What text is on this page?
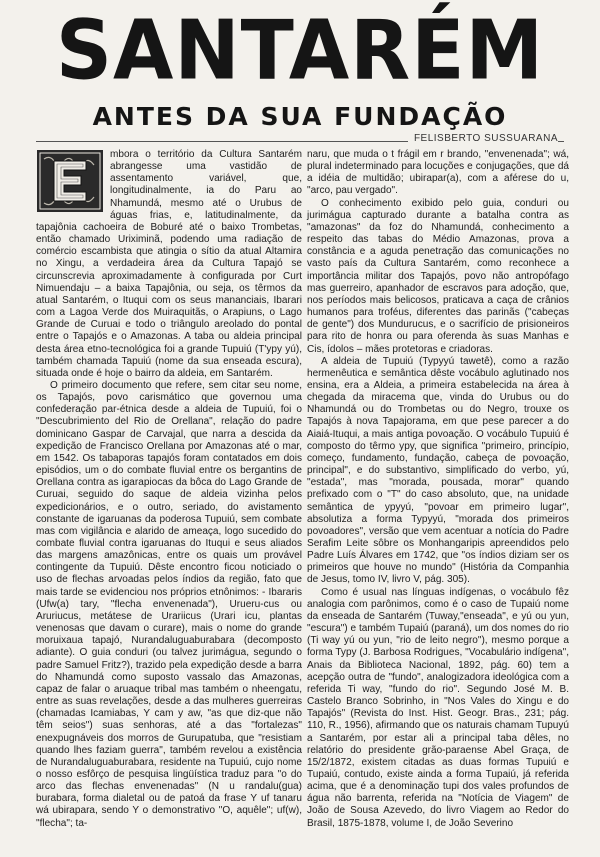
SANTARÉM
ANTES DA SUA FUNDAÇÃO
FELISBERTO SUSSUARANA

mbora o território da Cultura Santarém abrangesse uma vastidão de assentamento variável, que, longitudinalmente, ia do Paru ao Nhamundá, mesmo até o Urubus de águas frias, e, latitudinalmente, da tapajônia cachoeira de Boburé até o baixo Trombetas, então chamado Uriximinã, podendo uma radiação de comércio escambista que atingia o sítio da atual Altamira no Xingu, a verdadeira área da Cultura Tapajó se circunscrevia aproximadamente à configurada por Curt Nimuendaju – a baixa Tapajônia, ou seja, os têrmos da atual Santarém, o Ituqui com os seus mananciais, Ibarari com a Lagoa Verde dos Muiraquitãs, o Arapiuns, o Lago Grande de Curuai e todo o triângulo areolado do pontal entre o Tapajós e o Amazonas. A taba ou aldeia principal desta área etno-tecnológica foi a grande Tupuiú (T'ypy yú), também chamada Tapuiú (nome da sua enseada escura), situada onde é hoje o bairro da aldeia, em Santarém.

O primeiro documento que refere, sem citar seu nome, os Tapajós, povo carismático que governou uma confederação par-étnica desde a aldeia de Tupuiú, foi o "Descubrimiento del Rio de Orellana", relação do padre dominicano Gaspar de Carvajal, que narra a descida da expedição de Francisco Orellana por Amazonas até o mar, em 1542. Os tabaporas tapajós foram contatados em dois episódios, um o do combate fluvial entre os bergantins de Orellana contra as igarapiocas da bôca do Lago Grande de Curuai, seguido do saque de aldeia vizinha pelos expedicionários, e o outro, seriado, do avistamento constante de igaruanas da poderosa Tupuiú, sem combate mas com vigilância e alarido de ameaça, logo sucedido do combate fluvial contra igaruanas do Ituqui e seus aliados das margens amazônicas, entre os quais um provável contingente da Tupuiú. Dêste encontro ficou noticiado o uso de flechas arvoadas pelos índios da região, fato que mais tarde se evidenciou nos próprios etnônimos: - Ibararis (Ufw(a) tary, "flecha envenenada"), Urueru-cus ou Aruriucus, metátese de Urariicus (Urari icu, plantas venenosas que davam o curare), mais o nome do grande moruixaua tapajó, Nurandaluguaburabara (decomposto adiante). O guia conduri (ou talvez jurimágua, segundo o padre Samuel Fritz?), trazido pela expedição desde a barra do Nhamundá como suposto vassalo das Amazonas, capaz de falar o aruaque tribal mas também o nheengatu, entre as suas revelações, desde a das mulheres guerreiras (chamadas Icamiabas, Y cam y aw, "as que diz-que não têm seios") suas senhoras, até a das "fortalezas" enexpugnáveis dos morros de Gurupatuba, que "resistiam quando lhes faziam guerra", também revelou a existência de Nurandaluguaburabara, residente na Tupuiú, cujo nome o nosso esfôrço de pesquisa lingüística traduz para "o do arco das flechas envenenadas" (N u randalu(gua) burabara, forma dialetal ou de patoá da frase Y uf tanaru wá ubirapara, sendo Y o demonstrativo "O, aquêle"; uf(w), "flecha"; ta-

naru, que muda o t frágil em r brando, "envenenada"; wá, plural indeterminado para locuções e conjugações, que dá a idéia de multidão; ubirapar(a), com a aférese do u, "arco, pau vergado".

O conhecimento exibido pelo guia, conduri ou jurimágua capturado durante a batalha contra as "amazonas" da foz do Nhamundá, conhecimento a respeito das tabas do Médio Amazonas, prova a constância e a aguda penetração das comunicações no vasto país da Cultura Santarém, como reconhece a importância militar dos Tapajós, povo não antropófago mas guerreiro, apanhador de escravos para adoção, que, nos períodos mais belicosos, praticava a caça de crânios humanos para troféus, diferentes das parinãs ("cabeças de gente") dos Mundurucus, e o sacrifício de prisioneiros para rito de honra ou para oferenda às suas Manhas e Cis, ídolos – mães protetoras e criadoras.

A aldeia de Tupuiú (Typyyú tawetê), como a razão hermenêutica e semântica dêste vocábulo aglutinado nos ensina, era a Aldeia, a primeira estabelecida na área à chegada da miracema que, vinda do Urubus ou do Nhamundá ou do Trombetas ou do Negro, trouxe os Tapajós à nova Tapajorama, em que pese parecer a do Aiaiá-Ituqui, a mais antiga povoação. O vocábulo Tupuiú é composto do têrmo ypy, que significa "primeiro, princípio, começo, fundamento, fundação, cabeça de povoação, principal", e do substantivo, simplificado do verbo, yú, "estada", mas "morada, pousada, morar" quando prefixado com o "T" do caso absoluto, que, na unidade semântica de ypyyú, "povoar em primeiro lugar", absolutiza a forma Typyyú, "morada dos primeiros povoadores", versão que vem acentuar a notícia do Padre Serafim Leite sôbre os Monhangaripis apreendidos pelo Padre Luís Álvares em 1742, que "os índios diziam ser os primeiros que houve no mundo" (História da Companhia de Jesus, tomo IV, livro V, pág. 305).

Como é usual nas línguas indígenas, o vocábulo fêz analogia com parônimos, como é o caso de Tupaiú nome da enseada de Santarém (Tuway,"enseada", e yú ou yun, "escura") e também Tupaiú (paraná), um dos nomes do rio (Ti way yú ou yun, "rio de leito negro"), mesmo porque a forma Typy (J. Barbosa Rodrigues, "Vocabulário indígena", Anais da Biblioteca Nacional, 1892, pág. 60) tem a acepção outra de "fundo", analogizadora ideológica com a referida Ti way, "fundo do rio". Segundo José M. B. Castelo Branco Sobrinho, in "Nos Vales do Xingu e do Tapajós" (Revista do Inst. Hist. Geogr. Bras., 231; pág. 110, R., 1956), afirmando que os naturais chamam Tupuyú a Santarém, por estar ali a principal taba dêles, no relatório do presidente grão-paraense Abel Graça, de 15/2/1872, existem citadas as duas formas Tupuiú e Tupaiú, contudo, existe ainda a forma Tupaiú, já referida acima, que é a denominação tupi dos vales profundos de água não barrenta, referida na "Notícia de Viagem" de João de Sousa Azevedo, do livro Viagem ao Redor do Brasil, 1875-1878, volume I, de João Severino
